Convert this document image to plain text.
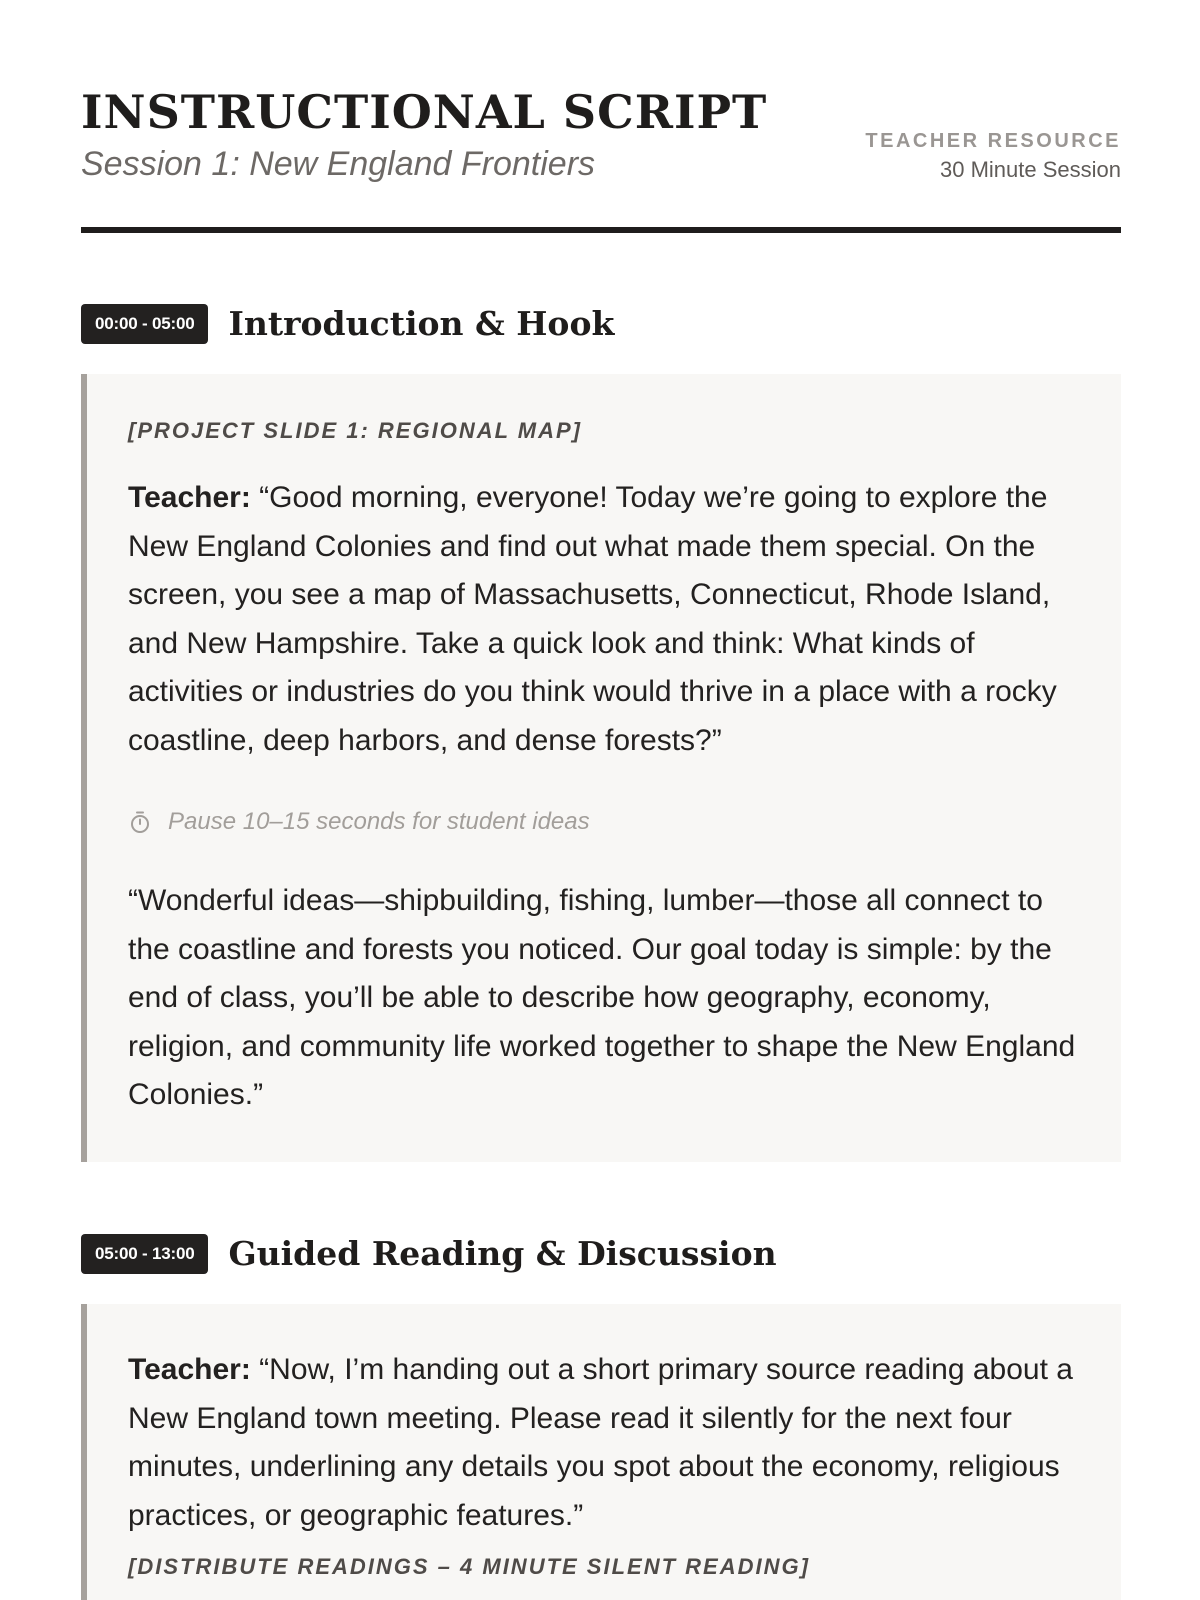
INSTRUCTIONAL SCRIPT
Session 1: New England Frontiers
TEACHER RESOURCE
30 Minute Session
00:00 - 05:00	Introduction & Hook

[PROJECT SLIDE 1: REGIONAL MAP]

Teacher: “Good morning, everyone! Today we’re going to explore the New England Colonies and find out what made them special. On the screen, you see a map of Massachusetts, Connecticut, Rhode Island, and New Hampshire. Take a quick look and think: What kinds of activities or industries do you think would thrive in a place with a rocky coastline, deep harbors, and dense forests?”

Pause 10–15 seconds for student ideas

“Wonderful ideas—shipbuilding, fishing, lumber—those all connect to the coastline and forests you noticed. Our goal today is simple: by the end of class, you’ll be able to describe how geography, economy, religion, and community life worked together to shape the New England Colonies.”

05:00 - 13:00	Guided Reading & Discussion

Teacher: “Now, I’m handing out a short primary source reading about a New England town meeting. Please read it silently for the next four minutes, underlining any details you spot about the economy, religious practices, or geographic features.”

[DISTRIBUTE READINGS – 4 MINUTE SILENT READING]
